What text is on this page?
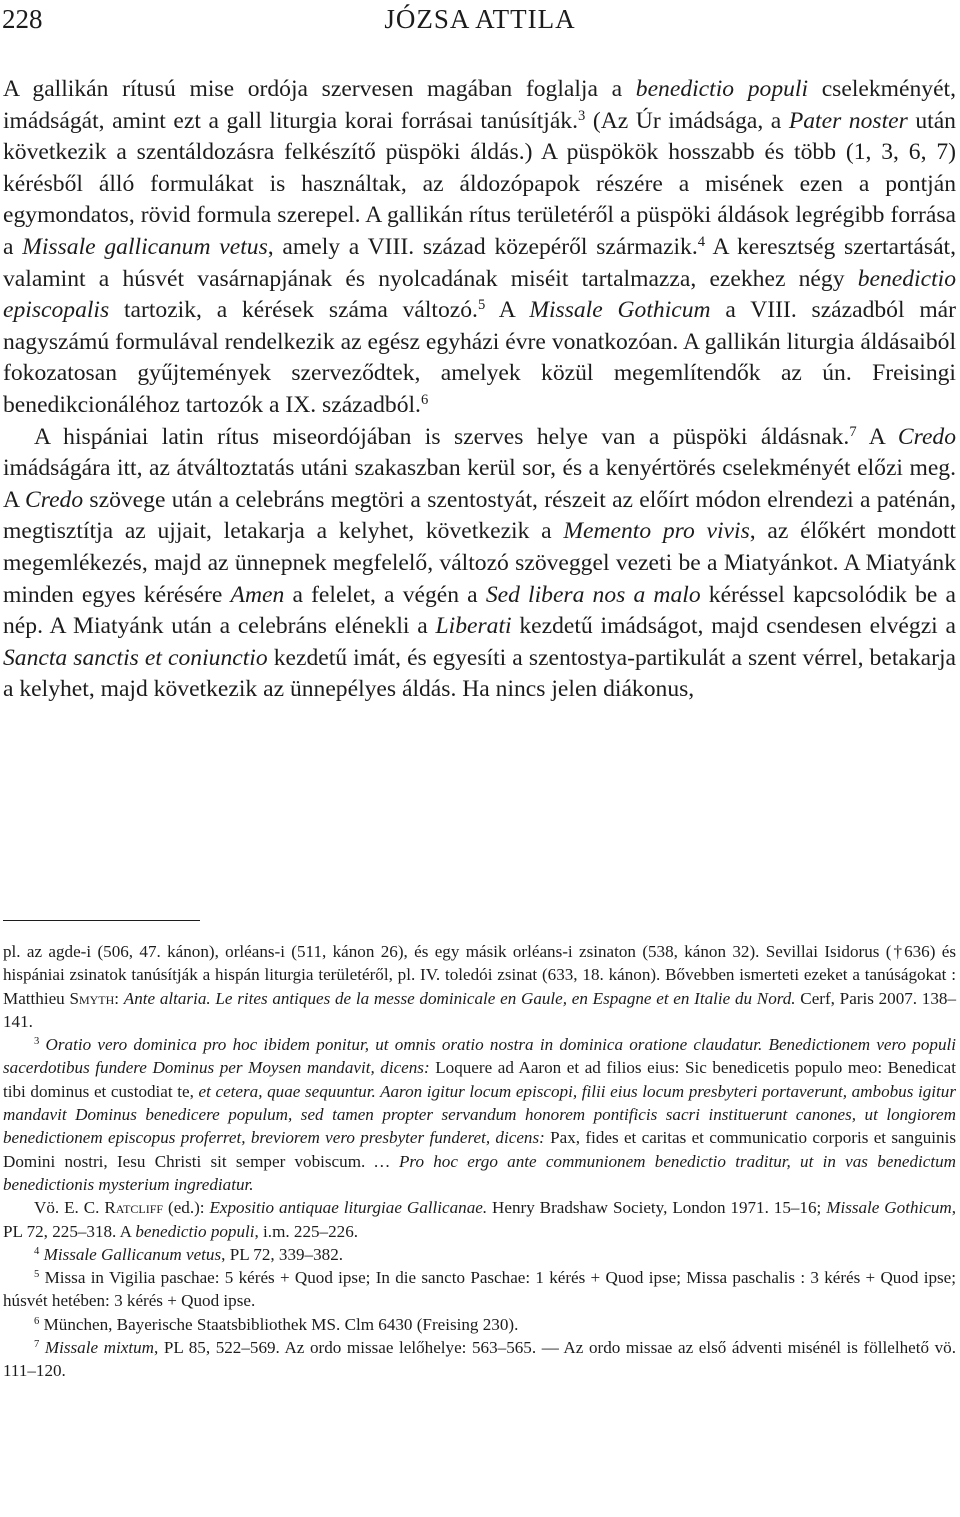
228	JÓZSA ATTILA

A gallikán rítusú mise ordója szervesen magában foglalja a benedictio populi cselekményét, imádságát, amint ezt a gall liturgia korai forrásai tanúsítják.$^3$ (Az Úr imádsága, a Pater noster után következik a szentáldozásra felkészítő püspöki áldás.) A püspökök hosszabb és több (1, 3, 6, 7) kérésből álló formulákat is használtak, az áldozópapok részére a misének ezen a pontján egymondatos, rövid formula szerepel. A gallikán rítus területéről a püspöki áldások legrégibb forrása a Missale gallicanum vetus, amely a VIII. század közepéről származik.$^4$ A keresztség szertartását, valamint a húsvét vasárnapjának és nyolcadának miséit tartalmazza, ezekhez négy benedictio episcopalis tartozik, a kérések száma változó.$^5$ A Missale Gothicum a VIII. századból már nagyszámú formulával rendelkezik az egész egyházi évre vonatkozóan. A gallikán liturgia áldásaiból fokozatosan gyűjtemények szerveződtek, amelyek közül megemlítendők az ún. Freisingi benedikcionáléhoz tartozók a IX. századból.$^6$

A hispániai latin rítus miseordójában is szerves helye van a püspöki áldásnak.$^7$ A Credo imádságára itt, az átváltoztatás utáni szakaszban kerül sor, és a kenyértörés cselekményét előzi meg. A Credo szövege után a celebráns megtöri a szentostyát, részeit az előírt módon elrendezi a paténán, megtisztítja az ujjait, letakarja a kelyhet, következik a Memento pro vivis, az élőkért mondott megemlékezés, majd az ünnepnek megfelelő, változó szöveggel vezeti be a Miatyánkot. A Miatyánk minden egyes kérésére Amen a felelet, a végén a Sed libera nos a malo kéréssel kapcsolódik be a nép. A Miatyánk után a celebráns elénekli a Liberati kezdetű imádságot, majd csendesen elvégzi a Sancta sanctis et coniunctio kezdetű imát, és egyesíti a szentostya-partikulát a szent vérrel, betakarja a kelyhet, majd következik az ünnepélyes áldás. Ha nincs jelen diákonus,

pl. az agde-i (506, 47. kánon), orléans-i (511, kánon 26), és egy másik orléans-i zsinaton (538, kánon 32). Sevillai Isidorus (†636) és hispániai zsinatok tanúsítják a hispán liturgia területéről, pl. IV. toledói zsinat (633, 18. kánon). Bővebben ismerteti ezeket a tanúságokat : Matthieu Smyth: Ante altaria. Le rites antiques de la messe dominicale en Gaule, en Espagne et en Italie du Nord. Cerf, Paris 2007. 138–141.

$^3$ Oratio vero dominica pro hoc ibidem ponitur, ut omnis oratio nostra in dominica oratione claudatur. Benedictionem vero populi sacerdotibus fundere Dominus per Moysen mandavit, dicens: Loquere ad Aaron et ad filios eius: Sic benedicetis populo meo: Benedicat tibi dominus et custodiat te, et cetera, quae sequuntur. Aaron igitur locum episcopi, filii eius locum presbyteri portaverunt, ambobus igitur mandavit Dominus benedicere populum, sed tamen propter servandum honorem pontificis sacri instituerunt canones, ut longiorem benedictionem episcopus proferret, breviorem vero presbyter funderet, dicens: Pax, fides et caritas et communicatio corporis et sanguinis Domini nostri, Iesu Christi sit semper vobiscum. … Pro hoc ergo ante communionem benedictio traditur, ut in vas benedictum benedictionis mysterium ingrediatur.

Vö. E. C. Ratcliff (ed.): Expositio antiquae liturgiae Gallicanae. Henry Bradshaw Society, London 1971. 15–16; Missale Gothicum, PL 72, 225–318. A benedictio populi, i.m. 225–226.

$^4$ Missale Gallicanum vetus, PL 72, 339–382.

$^5$ Missa in Vigilia paschae: 5 kérés + Quod ipse; In die sancto Paschae: 1 kérés + Quod ipse; Missa paschalis : 3 kérés + Quod ipse; húsvét hetében: 3 kérés + Quod ipse.

$^6$ München, Bayerische Staatsbibliothek MS. Clm 6430 (Freising 230).

$^7$ Missale mixtum, PL 85, 522–569. Az ordo missae lelőhelye: 563–565. — Az ordo missae az első ádventi misénél is föllelhető vö. 111–120.
